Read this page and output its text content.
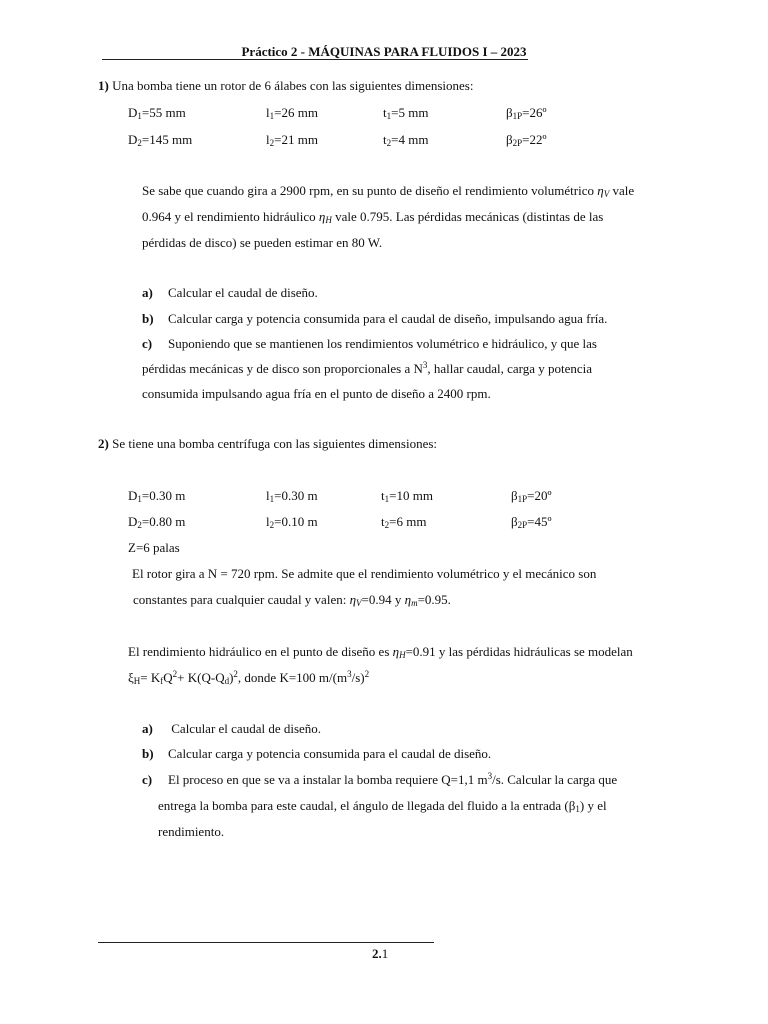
Práctico 2 - MÁQUINAS PARA FLUIDOS I – 2023
1) Una bomba tiene un rotor de 6 álabes con las siguientes dimensiones:
$D_1=55$ mm	$l_1=26$ mm	$t_1=5$ mm	$\beta_{1P}=26º$
$D_2=145$ mm	$l_2=21$ mm	$t_2=4$ mm	$\beta_{2P}=22º$
Se sabe que cuando gira a 2900 rpm, en su punto de diseño el rendimiento volumétrico $\eta_V$ vale
0.964 y el rendimiento hidráulico $\eta_H$ vale 0.795. Las pérdidas mecánicas (distintas de las
pérdidas de disco) se pueden estimar en 80 W.
a) Calcular el caudal de diseño.
b) Calcular carga y potencia consumida para el caudal de diseño, impulsando agua fría.
c) Suponiendo que se mantienen los rendimientos volumétrico e hidráulico, y que las
pérdidas mecánicas y de disco son proporcionales a $N^3$, hallar caudal, carga y potencia
consumida impulsando agua fría en el punto de diseño a 2400 rpm.
2) Se tiene una bomba centrífuga con las siguientes dimensiones:
$D_1=0.30$ m	$l_1=0.30$ m	$t_1=10$ mm	$\beta_{1P}=20º$
$D_2=0.80$ m	$l_2=0.10$ m	$t_2=6$ mm	$\beta_{2P}=45º$
Z=6 palas
El rotor gira a N = 720 rpm. Se admite que el rendimiento volumétrico y el mecánico son
constantes para cualquier caudal y valen: $\eta_V=0.94$ y $\eta_m=0.95$.
El rendimiento hidráulico en el punto de diseño es $\eta_H=0.91$ y las pérdidas hidráulicas se modelan
$\xi_H= K_fQ^2+ K(Q-Q_d)^2$, donde K=100 $m/(m^3/s)^2$
a) Calcular el caudal de diseño.
b) Calcular carga y potencia consumida para el caudal de diseño.
c) El proceso en que se va a instalar la bomba requiere Q=1,1 $m^3/s$. Calcular la carga que
entrega la bomba para este caudal, el ángulo de llegada del fluido a la entrada $(\beta_1)$ y el
rendimiento.
2.1
